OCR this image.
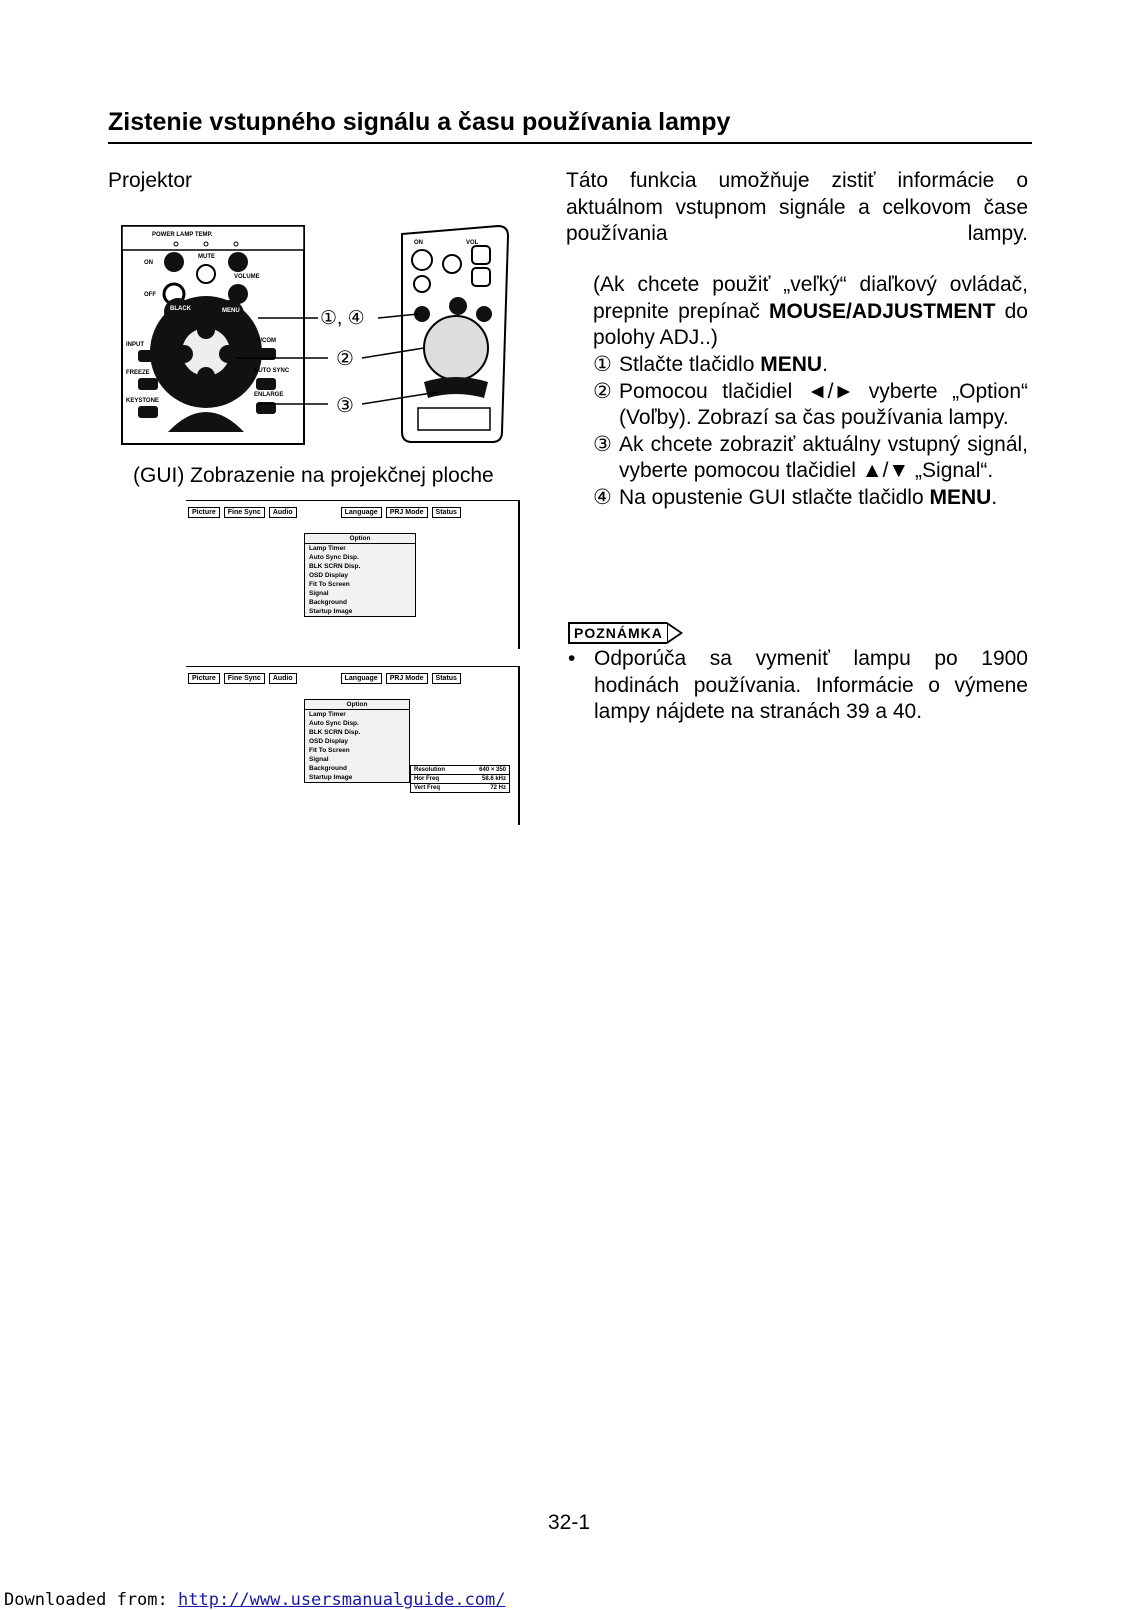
Zistenie vstupného signálu a času používania lampy
Projektor
POWER LAMP TEMP.
ON
OFF
MUTE
VOLUME
BLACK	MENU
INPUT
FREEZE
KEYSTONE
R/COM
AUTO SYNC
ENLARGE
ON	VOL
①, ④
②
③
(GUI) Zobrazenie na projekčnej ploche
Picture	Fine Sync	Audio	Language	PRJ Mode	Status
Option
Lamp Timer
Auto Sync Disp.
BLK SCRN Disp.
OSD Display
Fit To Screen
Signal
Background
Startup Image
Picture	Fine Sync	Audio	Language	PRJ Mode	Status
Option
Lamp Timer
Auto Sync Disp.
BLK SCRN Disp.
OSD Display
Fit To Screen
Signal
Background
Startup Image
Resolution	640 × 350
Hor Freq	58.6 kHz
Vert Freq	72 Hz
Táto funkcia umožňuje zistiť informácie o aktuálnom vstupnom signále a celkovom čase používania lampy.
(Ak chcete použiť „veľký“ diaľkový ovládač, prepnite prepínač MOUSE/ADJUSTMENT do polohy ADJ..)
① Stlačte tlačidlo MENU.
② Pomocou tlačidiel ◄/► vyberte „Option“ (Voľby). Zobrazí sa čas používania lampy.
③ Ak chcete zobraziť aktuálny vstupný signál, vyberte pomocou tlačidiel ▲/▼ „Signal“.
④ Na opustenie GUI stlačte tlačidlo MENU.
POZNÁMKA
• Odporúča sa vymeniť lampu po 1900 hodinách používania. Informácie o výmene lampy nájdete na stranách 39 a 40.
32-1
Downloaded from: http://www.usersmanualguide.com/
